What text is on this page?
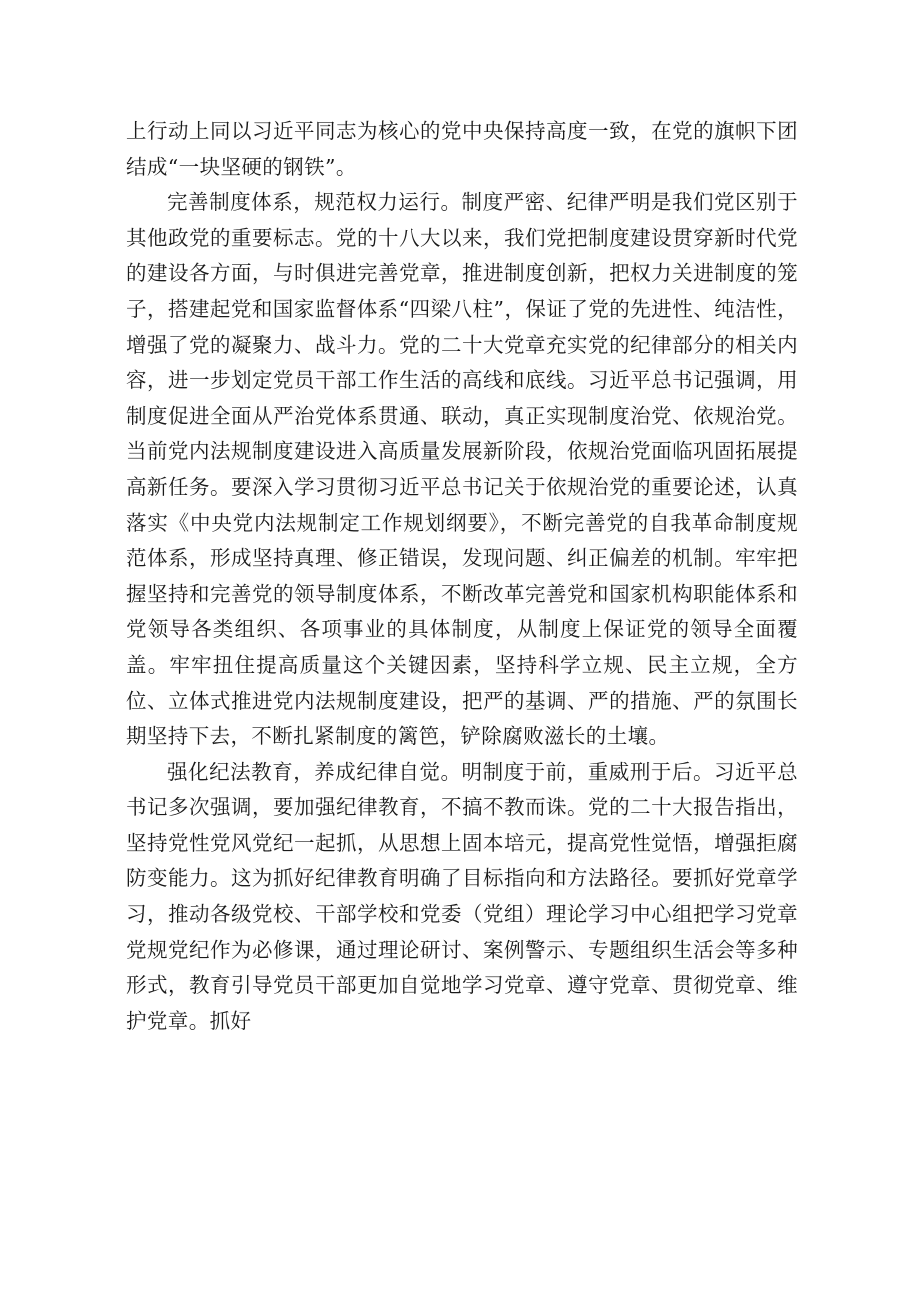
上行动上同以习近平同志为核心的党中央保持高度一致，在党的旗帜下团结成“一块坚硬的钢铁”。

完善制度体系，规范权力运行。制度严密、纪律严明是我们党区别于其他政党的重要标志。党的十八大以来，我们党把制度建设贯穿新时代党的建设各方面，与时俱进完善党章，推进制度创新，把权力关进制度的笼子，搭建起党和国家监督体系“四梁八柱”，保证了党的先进性、纯洁性，增强了党的凝聚力、战斗力。党的二十大党章充实党的纪律部分的相关内容，进一步划定党员干部工作生活的高线和底线。习近平总书记强调，用制度促进全面从严治党体系贯通、联动，真正实现制度治党、依规治党。当前党内法规制度建设进入高质量发展新阶段，依规治党面临巩固拓展提高新任务。要深入学习贯彻习近平总书记关于依规治党的重要论述，认真落实《中央党内法规制定工作规划纲要》，不断完善党的自我革命制度规范体系，形成坚持真理、修正错误，发现问题、纠正偏差的机制。牢牢把握坚持和完善党的领导制度体系，不断改革完善党和国家机构职能体系和党领导各类组织、各项事业的具体制度，从制度上保证党的领导全面覆盖。牢牢扭住提高质量这个关键因素，坚持科学立规、民主立规，全方位、立体式推进党内法规制度建设，把严的基调、严的措施、严的氛围长期坚持下去，不断扎紧制度的篱笆，铲除腐败滋长的土壤。

强化纪法教育，养成纪律自觉。明制度于前，重威刑于后。习近平总书记多次强调，要加强纪律教育，不搞不教而诛。党的二十大报告指出，坚持党性党风党纪一起抓，从思想上固本培元，提高党性觉悟，增强拒腐防变能力。这为抓好纪律教育明确了目标指向和方法路径。要抓好党章学习，推动各级党校、干部学校和党委（党组）理论学习中心组把学习党章党规党纪作为必修课，通过理论研讨、案例警示、专题组织生活会等多种形式，教育引导党员干部更加自觉地学习党章、遵守党章、贯彻党章、维护党章。抓好
